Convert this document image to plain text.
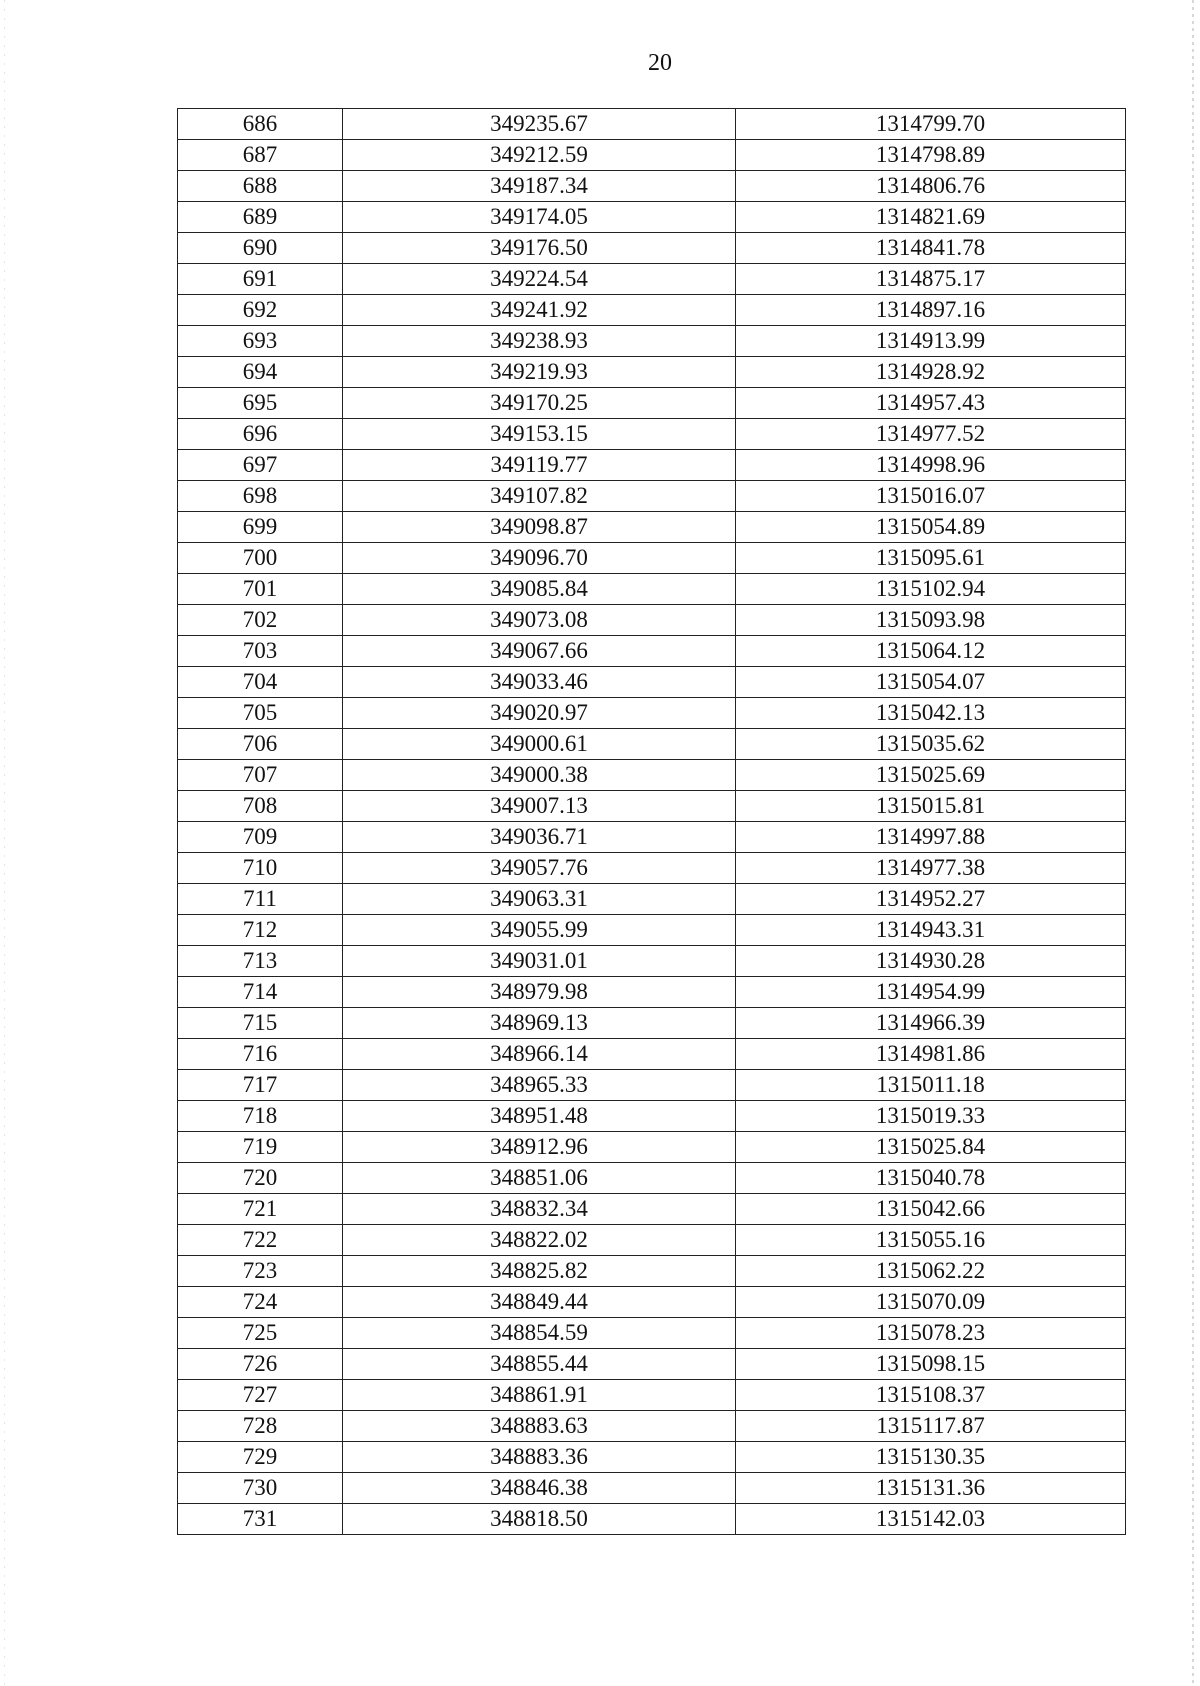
20
686	349235.67	1314799.70
687	349212.59	1314798.89
688	349187.34	1314806.76
689	349174.05	1314821.69
690	349176.50	1314841.78
691	349224.54	1314875.17
692	349241.92	1314897.16
693	349238.93	1314913.99
694	349219.93	1314928.92
695	349170.25	1314957.43
696	349153.15	1314977.52
697	349119.77	1314998.96
698	349107.82	1315016.07
699	349098.87	1315054.89
700	349096.70	1315095.61
701	349085.84	1315102.94
702	349073.08	1315093.98
703	349067.66	1315064.12
704	349033.46	1315054.07
705	349020.97	1315042.13
706	349000.61	1315035.62
707	349000.38	1315025.69
708	349007.13	1315015.81
709	349036.71	1314997.88
710	349057.76	1314977.38
711	349063.31	1314952.27
712	349055.99	1314943.31
713	349031.01	1314930.28
714	348979.98	1314954.99
715	348969.13	1314966.39
716	348966.14	1314981.86
717	348965.33	1315011.18
718	348951.48	1315019.33
719	348912.96	1315025.84
720	348851.06	1315040.78
721	348832.34	1315042.66
722	348822.02	1315055.16
723	348825.82	1315062.22
724	348849.44	1315070.09
725	348854.59	1315078.23
726	348855.44	1315098.15
727	348861.91	1315108.37
728	348883.63	1315117.87
729	348883.36	1315130.35
730	348846.38	1315131.36
731	348818.50	1315142.03
